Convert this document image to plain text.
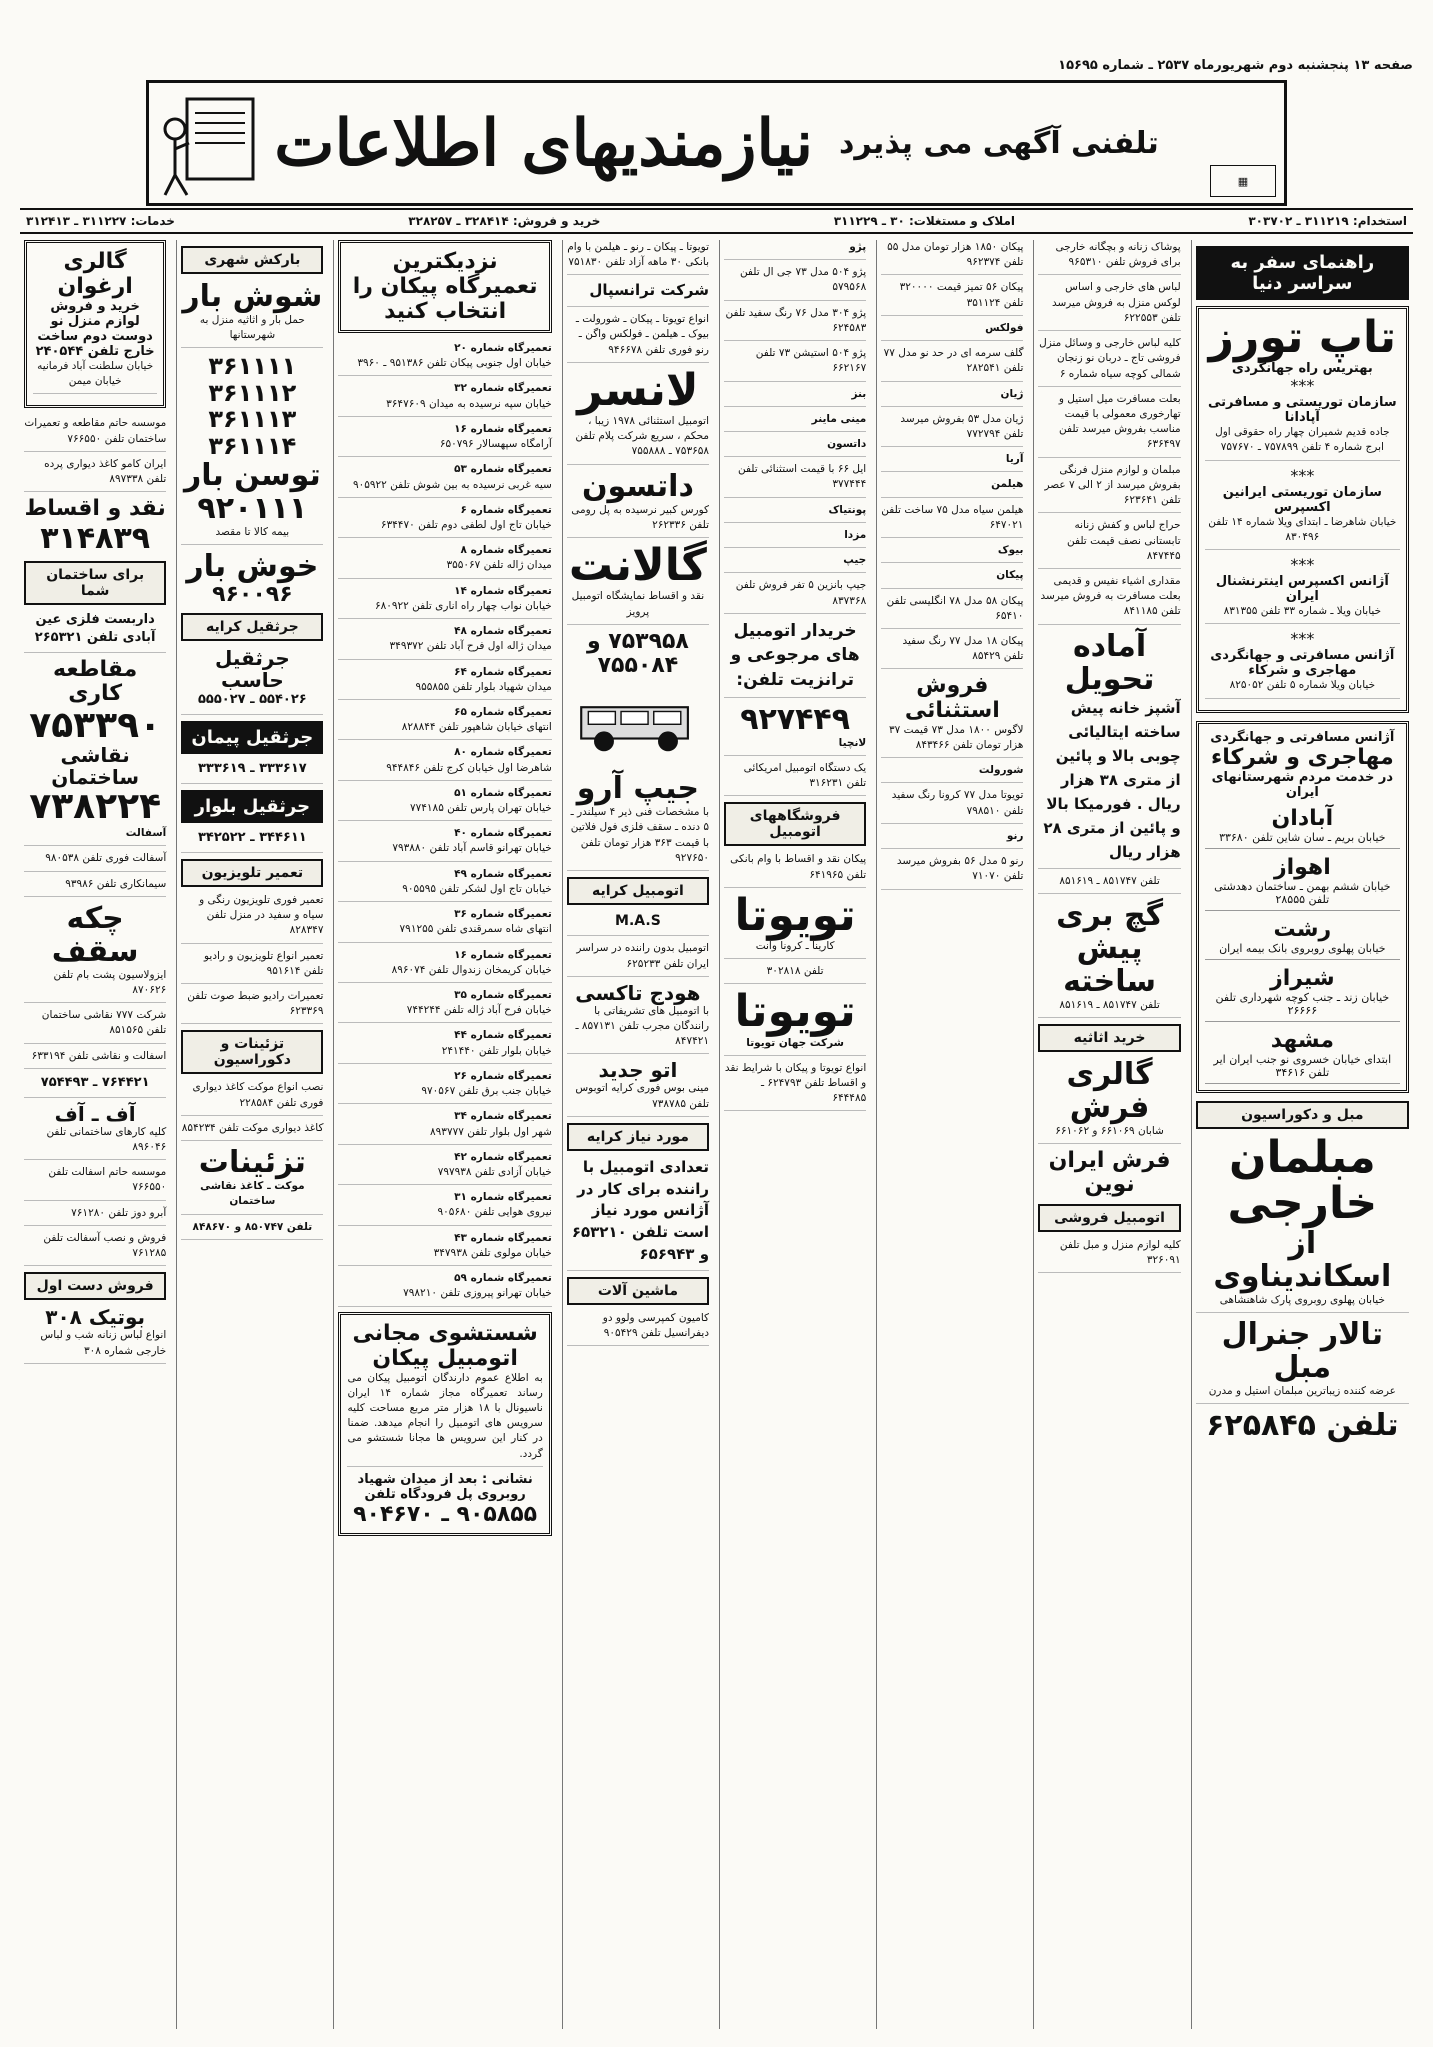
صفحه ۱۳ پنجشنبه دوم شهریورماه ۲۵۳۷ ـ شماره ۱۵۶۹۵
تلفنی آگهی می پذیرد
نیازمندیهای اطلاعات
▦
استخدام: ۳۱۱۲۱۹ ـ ۳۰۳۷۰۲
املاک و مستغلات: ۳۰ ـ ۳۱۱۲۲۹
خرید و فروش: ۳۲۸۴۱۴ ـ ۳۲۸۲۵۷
خدمات: ۳۱۱۲۲۷ ـ ۳۱۲۴۱۳
راهنمای سفر به سراسر دنیا
تاپ تورز
بهتریس راه جهانگردی
***
سازمان توریستی و مسافرتی آپادانا
جاده قدیم شمیران چهار راه حقوقی اول ابرج شماره ۴ تلفن ۷۵۷۸۹۹ ـ ۷۵۷۶۷۰
***
سازمان توریستی ایرانین اکسپرس
خیابان شاهرضا ـ ابتدای ویلا شماره ۱۴ تلفن ۸۳۰۴۹۶
***
آژانس اکسپرس اینترنشنال ایران
خیابان ویلا ـ شماره ۳۳ تلفن ۸۳۱۳۵۵
***
آژانس مسافرتی و جهانگردی مهاجری و شرکاء
خیابان ویلا شماره ۵ تلفن ۸۲۵۰۵۲
آژانس مسافرتی و جهانگردی
مهاجری و شرکاء
در خدمت مردم شهرستانهای ایران
آبادان
خیابان بریم ـ سان شاین تلفن ۳۳۶۸۰
اهواز
خیابان ششم بهمن ـ ساختمان دهدشتی تلفن ۲۸۵۵۵
رشت
خیابان پهلوی روبروی بانک بیمه ایران
شیراز
خیابان زند ـ جنب کوچه شهرداری تلفن ۲۶۶۶۶
مشهد
ابتدای خیابان خسروی نو جنب ایران ایر تلفن ۳۴۶۱۶
مبل و دکوراسیون
مبلمان خارجی
از اسکاندیناوی
خیابان پهلوی روبروی پارک شاهنشاهی
تالار جنرال مبل
عرضه کننده زیباترین مبلمان استیل و مدرن
تلفن ۶۲۵۸۴۵
پوشاک زنانه و بچگانه خارجی برای فروش تلفن ۹۶۵۳۱۰
لباس های خارجی و اساس لوکس منزل به فروش میرسد تلفن ۶۲۲۵۵۳
کلیه لباس خارجی و وسائل منزل فروشی تاج ـ دربان نو زنجان شمالی کوچه سیاه شماره ۶
بعلت مسافرت میل استیل و تهارخوری معمولی با قیمت مناسب بفروش میرسد تلفن ۶۳۶۴۹۷
مبلمان و لوازم منزل فرنگی بفروش میرسد از ۲ الی ۷ عصر تلفن ۶۲۳۶۴۱
حراج لباس و کفش زنانه تابستانی نصف قیمت تلفن ۸۴۷۴۴۵
مقداری اشیاء نفیس و قدیمی بعلت مسافرت به فروش میرسد تلفن ۸۴۱۱۸۵
آماده تحویل
آشپز خانه پیش ساخته ایتالیائی چوبی بالا و پائین از متری ۳۸ هزار ریال . فورمیکا بالا و پائین از متری ۲۸ هزار ریال
تلفن ۸۵۱۷۴۷ ـ ۸۵۱۶۱۹
گچ بری پیش ساخته
تلفن ۸۵۱۷۴۷ ـ ۸۵۱۶۱۹
خرید اثاثیه
گالری فرش
شابان ۶۶۱۰۶۹ و ۶۶۱۰۶۲
فرش ایران نوین
اتومبیل فروشی
کلیه لوازم منزل و مبل تلفن ۳۲۶۰۹۱
پیکان ۱۸۵۰ هزار تومان مدل ۵۵ تلفن ۹۶۲۳۷۴
پیکان ۵۶ تمیز قیمت ۳۲۰۰۰۰ تلفن ۳۵۱۱۲۴
فولکس
گلف سرمه ای در حد نو مدل ۷۷ تلفن ۲۸۲۵۴۱
ژیان
ژیان مدل ۵۳ بفروش میرسد تلفن ۷۷۲۷۹۴
آریا
هیلمن
هیلمن سیاه مدل ۷۵ ساخت تلفن ۶۴۷۰۲۱
بیوک
پیکان
پیکان ۵۸ مدل ۷۸ انگلیسی تلفن ۶۵۴۱۰
پیکان ۱۸ مدل ۷۷ رنگ سفید تلفن ۸۵۴۲۹
فروش استثنائی
لاگوس ۱۸۰۰ مدل ۷۳ قیمت ۳۷ هزار تومان تلفن ۸۴۳۴۶۶
شورولت
تویوتا مدل ۷۷ کرونا رنگ سفید تلفن ۷۹۸۵۱۰
رنو
رنو ۵ مدل ۵۶ بفروش میرسد تلفن ۷۱۰۷۰
پژو
پژو ۵۰۴ مدل ۷۳ جی ال تلفن ۵۷۹۵۶۸
پژو ۳۰۴ مدل ۷۶ رنگ سفید تلفن ۶۲۴۵۸۳
پژو ۵۰۴ استیشن ۷۳ تلفن ۶۶۲۱۶۷
بنز
مینی ماینر
داتسون
ایل ۶۶ با قیمت استثنائی تلفن ۳۷۷۴۴۴
پونتیاک
مزدا
جیپ
جیپ بانزین ۵ تفر فروش تلفن ۸۳۷۳۶۸
خریدار اتومبیل های مرجوعی و ترانزیت تلفن:
۹۲۷۴۴۹
لانچیا
یک دستگاه اتومبیل امریکائی تلفن ۳۱۶۲۳۱
فروشگاههای اتومبیل
پیکان نقد و اقساط با وام بانکی تلفن ۶۴۱۹۶۵
تویوتا
کارینا ـ کرونا وانت
تلفن ۳۰۲۸۱۸
تویوتا
شرکت جهان تویوتا
انواع تویوتا و پیکان با شرایط نقد و اقساط تلفن ۶۲۴۷۹۳ ـ ۶۴۴۴۸۵
تویوتا ـ پیکان ـ رنو ـ هیلمن با وام بانکی ۳۰ ماهه آزاد تلفن ۷۵۱۸۳۰
شرکت ترانسپال
انواع تویوتا ـ پیکان ـ شورولت ـ بیوک ـ هیلمن ـ فولکس واگن ـ رنو فوری تلفن ۹۴۶۶۷۸
لانسر
اتومبیل استثنائی ۱۹۷۸ زیبا ، محکم ، سریع شرکت پلام تلفن ۷۵۳۶۵۸ ـ ۷۵۵۸۸۸
داتسون
کورس کبیر نرسیده به پل رومی تلفن ۲۶۲۳۳۶
گالانت
نقد و اقساط نمایشگاه اتومبیل پرویز
۷۵۳۹۵۸ و ۷۵۵۰۸۴
جیپ آرو
با مشخصات فنی ذیر ۴ سیلندر ـ ۵ دنده ـ سقف فلزی فول فلاتین با قیمت ۳۶۳ هزار تومان تلفن ۹۲۷۶۵۰
اتومبیل کرایه
M.A.S
اتومبیل بدون راننده در سراسر ایران تلفن ۶۲۵۲۳۳
هودج تاکسی
با اتومبیل های تشریفاتی با رانندگان مجرب تلفن ۸۵۷۱۳۱ ـ ۸۴۷۴۲۱
اتو جدید
مینی بوس فوری کرایه اتوبوس تلفن ۷۳۸۷۸۵
مورد نیاز کرایه
تعدادی اتومبیل با راننده برای کار در آژانس مورد نیاز است تلفن ۶۵۳۲۱۰ و ۶۵۶۹۴۳
ماشین آلات
کامیون کمپرسی ولوو دو دیفرانسیل تلفن ۹۰۵۴۲۹
نزدیکترین تعمیرگاه پیکان را انتخاب کنید
تعمیرگاه شماره ۲۰
خیابان اول جنوبی پیکان تلفن ۹۵۱۳۸۶ ـ ۳۹۶۰
تعمیرگاه شماره ۳۲
خیابان سپه نرسیده به میدان ۳۶۴۷۶۰۹
تعمیرگاه شماره ۱۶
آرامگاه سپهسالار ۶۵۰۷۹۶
تعمیرگاه شماره ۵۳
سیه غربی نرسیده به بین شوش تلفن ۹۰۵۹۲۲
تعمیرگاه شماره ۶
خیابان تاج اول لطفی دوم تلفن ۶۳۴۴۷۰
تعمیرگاه شماره ۸
میدان ژاله تلفن ۳۵۵۰۶۷
تعمیرگاه شماره ۱۴
خیابان نواب چهار راه اناری تلفن ۶۸۰۹۲۲
تعمیرگاه شماره ۴۸
میدان ژاله اول فرح آباد تلفن ۳۴۹۳۷۲
تعمیرگاه شماره ۶۴
میدان شهیاد بلوار تلفن ۹۵۵۸۵۵
تعمیرگاه شماره ۶۵
انتهای خیابان شاهپور تلفن ۸۲۸۸۴۴
تعمیرگاه شماره ۸۰
شاهرضا اول خیابان کرج تلفن ۹۴۴۸۴۶
تعمیرگاه شماره ۵۱
خیابان تهران پارس تلفن ۷۷۴۱۸۵
تعمیرگاه شماره ۴۰
خیابان تهرانو قاسم آباد تلفن ۷۹۳۸۸۰
تعمیرگاه شماره ۴۹
خیابان تاج اول لشکر تلفن ۹۰۵۵۹۵
تعمیرگاه شماره ۳۶
انتهای شاه سمرقندی تلفن ۷۹۱۲۵۵
تعمیرگاه شماره ۱۶
خیابان کریمخان زندوال تلفن ۸۹۶۰۷۴
تعمیرگاه شماره ۳۵
خیابان فرح آباد ژاله تلفن ۷۴۴۲۴۴
تعمیرگاه شماره ۴۴
خیابان بلوار تلفن ۲۴۱۴۴۰
تعمیرگاه شماره ۲۶
خیابان جنب برق تلفن ۹۷۰۵۶۷
تعمیرگاه شماره ۳۴
شهر اول بلوار تلفن ۸۹۳۷۷۷
تعمیرگاه شماره ۴۲
خیابان آزادی تلفن ۷۹۷۹۳۸
تعمیرگاه شماره ۳۱
نیروی هوایی تلفن ۹۰۵۶۸۰
تعمیرگاه شماره ۴۳
خیابان مولوی تلفن ۳۴۷۹۳۸
تعمیرگاه شماره ۵۹
خیابان تهرانو پیروزی تلفن ۷۹۸۲۱۰
شستشوی مجانی اتومبیل پیکان
به اطلاع عموم دارندگان اتومبیل پیکان می رساند تعمیرگاه مجاز شماره ۱۴ ایران ناسیونال با ۱۸ هزار متر مربع مساحت کلیه سرویس های اتومبیل را انجام میدهد. ضمنا در کنار این سرویس ها مجانا شستشو می گردد.
نشانی : بعد از میدان شهیاد روبروی پل فرودگاه تلفن
۹۰۵۸۵۵ ـ ۹۰۴۶۷۰
بارکش شهری
شوش بار
حمل بار و اثاثیه منزل به شهرستانها
۳۶۱۱۱۱
۳۶۱۱۱۲
۳۶۱۱۱۳
۳۶۱۱۱۴
توسن بار
۹۲۰۱۱۱
بیمه کالا تا مقصد
خوش بار
۹۶۰۰۹۶
جرثقیل کرایه
جرثقیل حاسب
۵۵۴۰۲۶ ـ ۵۵۵۰۲۷
جرثقیل پیمان
۳۳۳۶۱۷ ـ ۳۳۳۶۱۹
جرثقیل بلوار
۳۴۴۶۱۱ ـ ۳۴۲۵۲۲
تعمیر تلویزیون
تعمیر فوری تلویزیون رنگی و سیاه و سفید در منزل تلفن ۸۲۸۳۴۷
تعمیر انواع تلویزیون و رادیو تلفن ۹۵۱۶۱۴
تعمیرات رادیو ضبط صوت تلفن ۶۲۳۳۶۹
تزئینات و دکوراسیون
نصب انواع موکت کاغذ دیواری فوری تلفن ۲۲۸۵۸۴
کاغذ دیواری موکت تلفن ۸۵۴۲۳۴
تزئینات
موکت ـ کاغذ نقاشی ساختمان
تلفن ۸۵۰۷۴۷ و ۸۴۸۶۷۰
گالری ارغوان
خرید و فروش لوازم منزل نو دوست دوم ساخت خارج تلفن ۲۴۰۵۴۴
خیابان سلطنت آباد فرمانیه خیابان میمن
موسسه حاتم مقاطعه و تعمیرات ساختمان تلفن ۷۶۶۵۵۰
ایران کامو کاغذ دیواری پرده تلفن ۸۹۷۳۳۸
نقد و اقساط
۳۱۴۸۳۹
برای ساختمان شما
داربست فلزی عین آبادی تلفن ۲۶۵۳۲۱
مقاطعه کاری
۷۵۳۳۹۰
نقاشی ساختمان
۷۳۸۲۲۴
آسفالت
آسفالت فوری تلفن ۹۸۰۵۳۸
سیمانکاری تلفن ۹۳۹۸۶
چکه سقف
ایزولاسیون پشت بام تلفن ۸۷۰۶۲۶
شرکت ۷۷۷ نقاشی ساختمان تلفن ۸۵۱۵۶۵
اسفالت و نقاشی تلفن ۶۳۳۱۹۴
۷۶۴۴۲۱ ـ ۷۵۴۴۹۳
آف ـ آف
کلیه کارهای ساختمانی تلفن ۸۹۶۰۴۶
موسسه حاتم اسفالت تلفن ۷۶۶۵۵۰
آبرو دوز تلفن ۷۶۱۲۸۰
فروش و نصب آسفالت تلفن ۷۶۱۲۸۵
فروش دست اول
بوتیک ۳۰۸
انواع لباس زنانه شب و لباس خارجی شماره ۳۰۸
